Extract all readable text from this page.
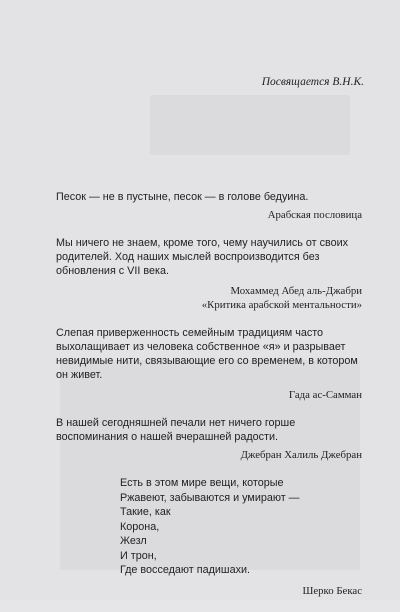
Посвящается В.Н.К.

Песок — не в пустыне, песок — в голове бедуина.

Арабская пословица

Мы ничего не знаем, кроме того, чему научились от своих родителей. Ход наших мыслей воспроизводится без обновления с VII века.

Мохаммед Абед аль-Джабри

«Критика арабской ментальности»

Слепая приверженность семейным традициям часто выхолащивает из человека собственное «я» и разрывает невидимые нити, связывающие его со временем, в котором он живет.

Гада ас-Самман

В нашей сегодняшней печали нет ничего горше воспоминания о нашей вчерашней радости.

Джебран Халиль Джебран

Есть в этом мире вещи, которые
Ржавеют, забываются и умирают —
Такие, как
Корона,
Жезл
И трон,
Где восседают падишахи.

Шерко Бекас
